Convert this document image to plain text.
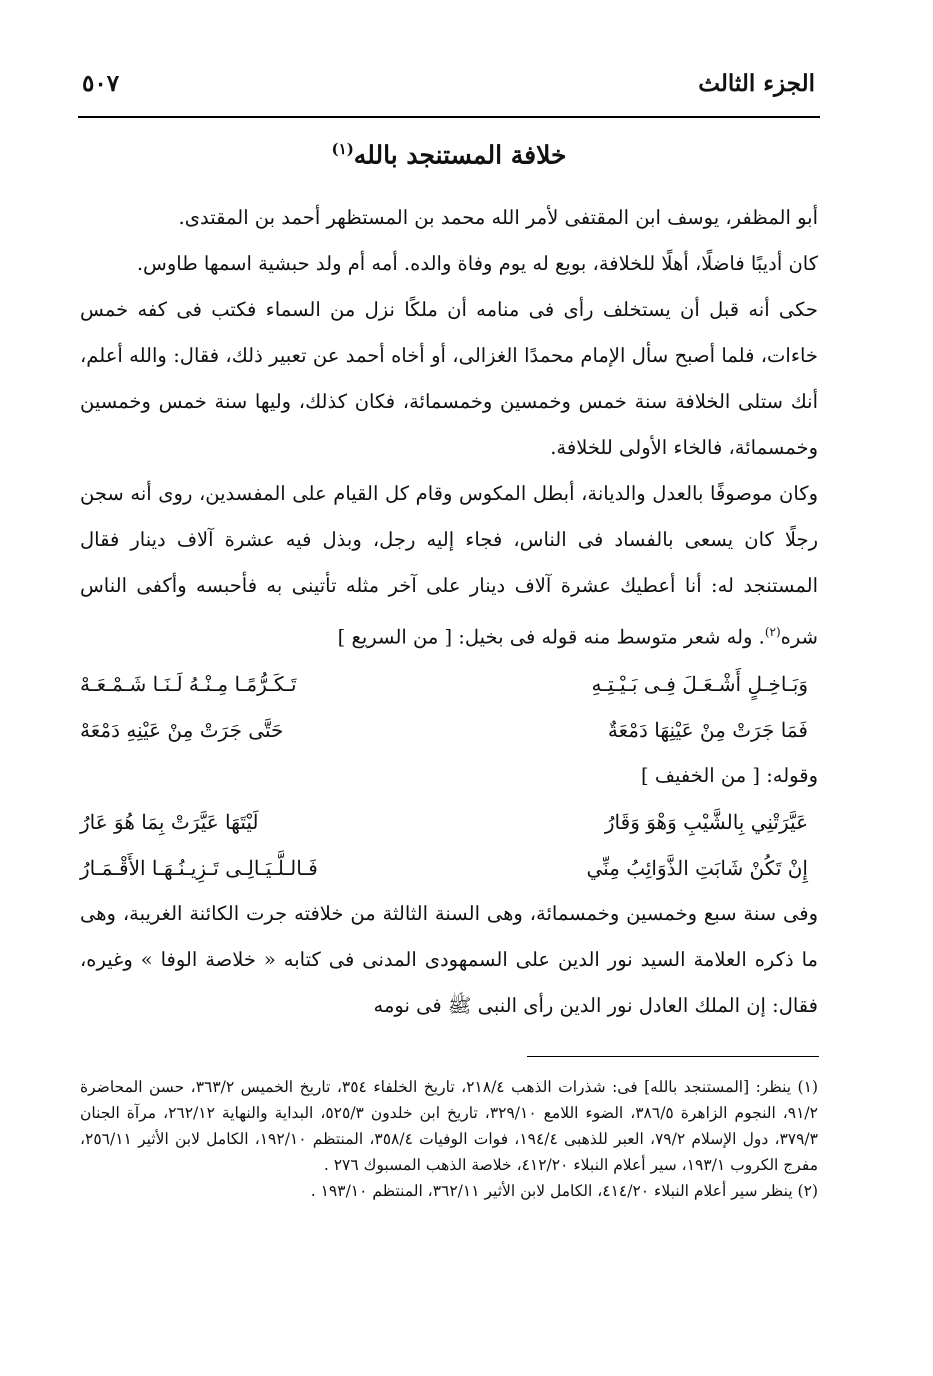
الجزء الثالث
٥٠٧
خلافة المستنجد بالله$^{(١)}$

أبو المظفر، يوسف ابن المقتفى لأمر الله محمد بن المستظهر أحمد بن المقتدى.

كان أديبًا فاضلًا، أهلًا للخلافة، بويع له يوم وفاة والده. أمه أم ولد حبشية اسمها طاوس.

حكى أنه قبل أن يستخلف رأى فى منامه أن ملكًا نزل من السماء فكتب فى كفه خمس خاءات، فلما أصبح سأل الإمام محمدًا الغزالى، أو أخاه أحمد عن تعبير ذلك، فقال: والله أعلم، أنك ستلى الخلافة سنة خمس وخمسين وخمسمائة، فكان كذلك، وليها سنة خمس وخمسين وخمسمائة، فالخاء الأولى للخلافة.

وكان موصوفًا بالعدل والديانة، أبطل المكوس وقام كل القيام على المفسدين، روى أنه سجن رجلًا كان يسعى بالفساد فى الناس، فجاء إليه رجل، وبذل فيه عشرة آلاف دينار فقال المستنجد له: أنا أعطيك عشرة آلاف دينار على آخر مثله تأتينى به فأحبسه وأكفى الناس شره$^{(٢)}$. وله شعر متوسط منه قوله فى بخيل: [ من السريع ]

وَبَـاخِـلٍ أَشْـعَـلَ فِـى بَـيْـتِـهِ
تَـكَـرُّمًـا مِـنْـهُ لَـنَـا شَـمْـعَـهْ
فَمَا جَرَتْ مِنْ عَيْنِهَا دَمْعَةٌ
حَتَّى جَرَتْ مِنْ عَيْنِهِ دَمْعَهْ

وقوله: [ من الخفيف ]

عَيَّرَتْنِي بِالشَّيْبِ وَهْوَ وَقَارُ
لَيْتَهَا عَيَّرَتْ بِمَا هُوَ عَارُ
إِنْ تَكُنْ شَابَتِ الذَّوَائِبُ مِنِّي
فَـالـلَّـيَـالِـى تَـزِيـنُـهَـا الأَقْـمَـارُ

وفى سنة سبع وخمسين وخمسمائة، وهى السنة الثالثة من خلافته جرت الكائنة الغريبة، وهى ما ذكره العلامة السيد نور الدين على السمهودى المدنى فى كتابه « خلاصة الوفا » وغيره، فقال: إن الملك العادل نور الدين رأى النبى ﷺ فى نومه

(١) ينظر: [المستنجد بالله] فى: شذرات الذهب ٢١٨/٤، تاريخ الخلفاء ٣٥٤، تاريخ الخميس ٣٦٣/٢، حسن المحاضرة ٩١/٢، النجوم الزاهرة ٣٨٦/٥، الضوء اللامع ٣٢٩/١٠، تاريخ ابن خلدون ٥٢٥/٣، البداية والنهاية ٢٦٢/١٢، مرآة الجنان ٣٧٩/٣، دول الإسلام ٧٩/٢، العبر للذهبى ١٩٤/٤، فوات الوفيات ٣٥٨/٤، المنتظم ١٩٢/١٠، الكامل لابن الأثير ٢٥٦/١١، مفرج الكروب ١٩٣/١، سير أعلام النبلاء ٤١٢/٢٠، خلاصة الذهب المسبوك ٢٧٦ .

(٢) ينظر سير أعلام النبلاء ٤١٤/٢٠، الكامل لابن الأثير ٣٦٢/١١، المنتظم ١٩٣/١٠ .
